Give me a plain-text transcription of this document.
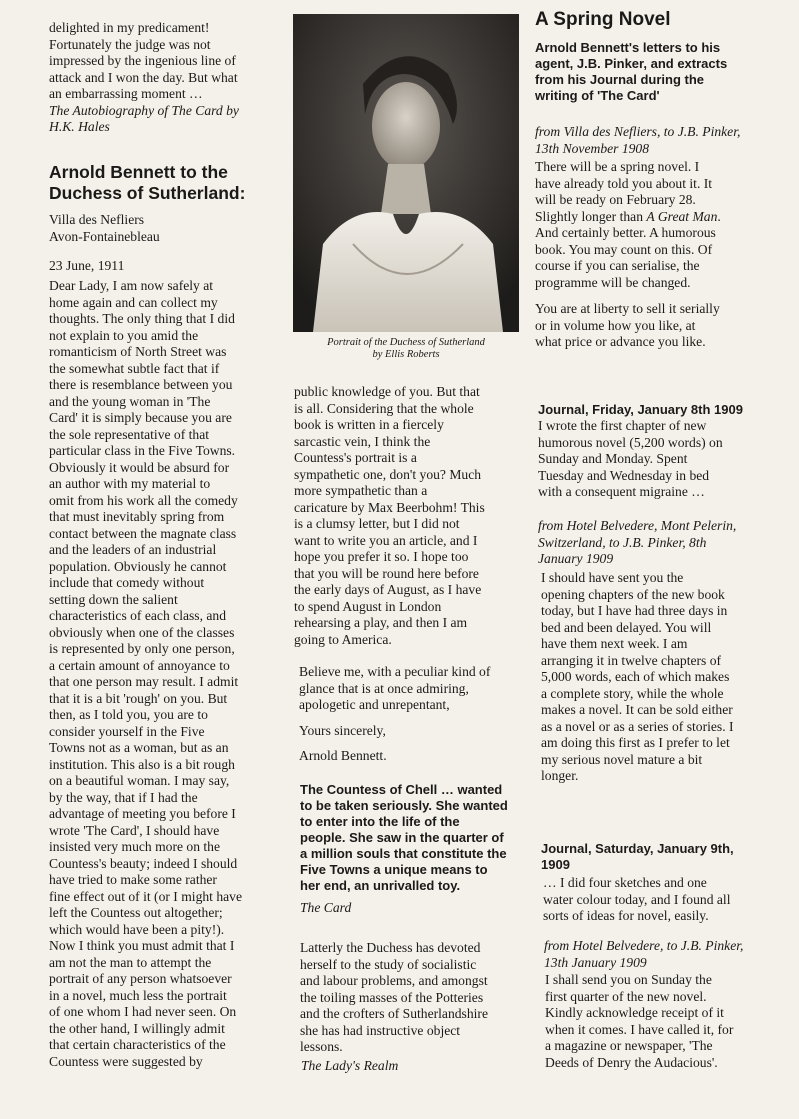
delighted in my predicament!

Fortunately the judge was not

impressed by the ingenious line of

attack and I won the day. But what

an embarrassing moment …

The Autobiography of The Card by

H.K. Hales

Arnold Bennett to the

Duchess of Sutherland:

Villa des Nefliers

Avon-Fontainebleau

23 June, 1911

Dear Lady, I am now safely at

home again and can collect my

thoughts. The only thing that I did

not explain to you amid the

romanticism of North Street was

the somewhat subtle fact that if

there is resemblance between you

and the young woman in 'The

Card' it is simply because you are

the sole representative of that

particular class in the Five Towns.

Obviously it would be absurd for

an author with my material to

omit from his work all the comedy

that must inevitably spring from

contact between the magnate class

and the leaders of an industrial

population. Obviously he cannot

include that comedy without

setting down the salient

characteristics of each class, and

obviously when one of the classes

is represented by only one person,

a certain amount of annoyance to

that one person may result. I admit

that it is a bit 'rough' on you. But

then, as I told you, you are to

consider yourself in the Five

Towns not as a woman, but as an

institution. This also is a bit rough

on a beautiful woman. I may say,

by the way, that if I had the

advantage of meeting you before I

wrote 'The Card', I should have

insisted very much more on the

Countess's beauty; indeed I should

have tried to make some rather

fine effect out of it (or I might have

left the Countess out altogether;

which would have been a pity!).

Now I think you must admit that I

am not the man to attempt the

portrait of any person whatsoever

in a novel, much less the portrait

of one whom I had never seen. On

the other hand, I willingly admit

that certain characteristics of the

Countess were suggested by

Portrait of the Duchess of Sutherland

by Ellis Roberts

public knowledge of you. But that

is all. Considering that the whole

book is written in a fiercely

sarcastic vein, I think the

Countess's portrait is a

sympathetic one, don't you? Much

more sympathetic than a

caricature by Max Beerbohm! This

is a clumsy letter, but I did not

want to write you an article, and I

hope you prefer it so. I hope too

that you will be round here before

the early days of August, as I have

to spend August in London

rehearsing a play, and then I am

going to America.

Believe me, with a peculiar kind of

glance that is at once admiring,

apologetic and unrepentant,

Yours sincerely,

Arnold Bennett.

The Countess of Chell … wanted

to be taken seriously. She wanted

to enter into the life of the

people. She saw in the quarter of

a million souls that constitute the

Five Towns a unique means to

her end, an unrivalled toy.

The Card

Latterly the Duchess has devoted

herself to the study of socialistic

and labour problems, and amongst

the toiling masses of the Potteries

and the crofters of Sutherlandshire

she has had instructive object

lessons.

The Lady's Realm

A Spring Novel

Arnold Bennett's letters to his

agent, J.B. Pinker, and extracts

from his Journal during the

writing of 'The Card'

from Villa des Nefliers, to J.B. Pinker,

13th November 1908

There will be a spring novel. I

have already told you about it. It

will be ready on February 28.

Slightly longer than A Great Man.

And certainly better. A humorous

book. You may count on this. Of

course if you can serialise, the

programme will be changed.

You are at liberty to sell it serially

or in volume how you like, at

what price or advance you like.

Journal, Friday, January 8th 1909

I wrote the first chapter of new

humorous novel (5,200 words) on

Sunday and Monday. Spent

Tuesday and Wednesday in bed

with a consequent migraine …

from Hotel Belvedere, Mont Pelerin,

Switzerland, to J.B. Pinker, 8th

January 1909

I should have sent you the

opening chapters of the new book

today, but I have had three days in

bed and been delayed. You will

have them next week. I am

arranging it in twelve chapters of

5,000 words, each of which makes

a complete story, while the whole

makes a novel. It can be sold either

as a novel or as a series of stories. I

am doing this first as I prefer to let

my serious novel mature a bit

longer.

Journal, Saturday, January 9th,

1909

… I did four sketches and one

water colour today, and I found all

sorts of ideas for novel, easily.

from Hotel Belvedere, to J.B. Pinker,

13th January 1909

I shall send you on Sunday the

first quarter of the new novel.

Kindly acknowledge receipt of it

when it comes. I have called it, for

a magazine or newspaper, 'The

Deeds of Denry the Audacious'.
